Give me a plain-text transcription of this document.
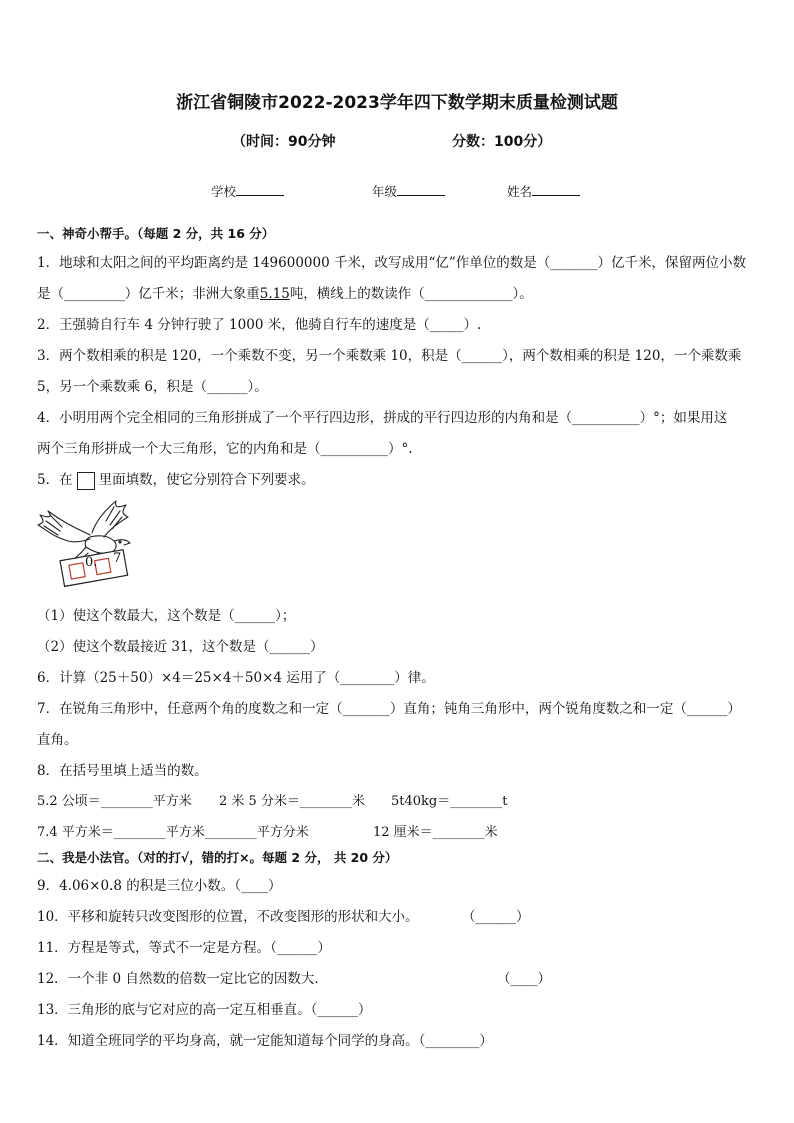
浙江省铜陵市2022-2023学年四下数学期末质量检测试题
（时间：90分钟	分数：100分）
学校	年级	姓名
一、神奇小帮手。（每题 2 分，共 16 分）
1．地球和太阳之间的平均距离约是 149600000 千米，改写成用“亿”作单位的数是（_______）亿千米，保留两位小数
是（_________）亿千米；非洲大象重5.15吨，横线上的数读作（_____________）。
2．王强骑自行车 4 分钟行驶了 1000 米，他骑自行车的速度是（_____）.
3．两个数相乘的积是 120，一个乘数不变，另一个乘数乘 10，积是（______），两个数相乘的积是 120，一个乘数乘
5，另一个乘数乘 6，积是（______）。
4．小明用两个完全相同的三角形拼成了一个平行四边形，拼成的平行四边形的内角和是（__________）°；如果用这
两个三角形拼成一个大三角形，它的内角和是（__________）°.
5．在 里面填数，使它分别符合下列要求。
0. 7
（1）使这个数最大，这个数是（______）；
（2）使这个数最接近 31，这个数是（______）
6．计算（25＋50）×4＝25×4＋50×4 运用了（________）律。
7．在锐角三角形中，任意两个角的度数之和一定（_______）直角；钝角三角形中，两个锐角度数之和一定（______）
直角。
8．在括号里填上适当的数。
5.2 公顷＝________平方米 2 米 5 分米＝________米 5t40kg＝________t
7.4 平方米＝________平方米________平方分米	12 厘米＝________米
二、我是小法官。（对的打√，错的打×。每题 2 分， 共 20 分）
9．4.06×0.8 的积是三位小数。（____）
10．平移和旋转只改变图形的位置，不改变图形的形状和大小。	（______）
11．方程是等式，等式不一定是方程。（______）
12．一个非 0 自然数的倍数一定比它的因数大．	（____）
13．三角形的底与它对应的高一定互相垂直。（______）
14．知道全班同学的平均身高，就一定能知道每个同学的身高。（________）
